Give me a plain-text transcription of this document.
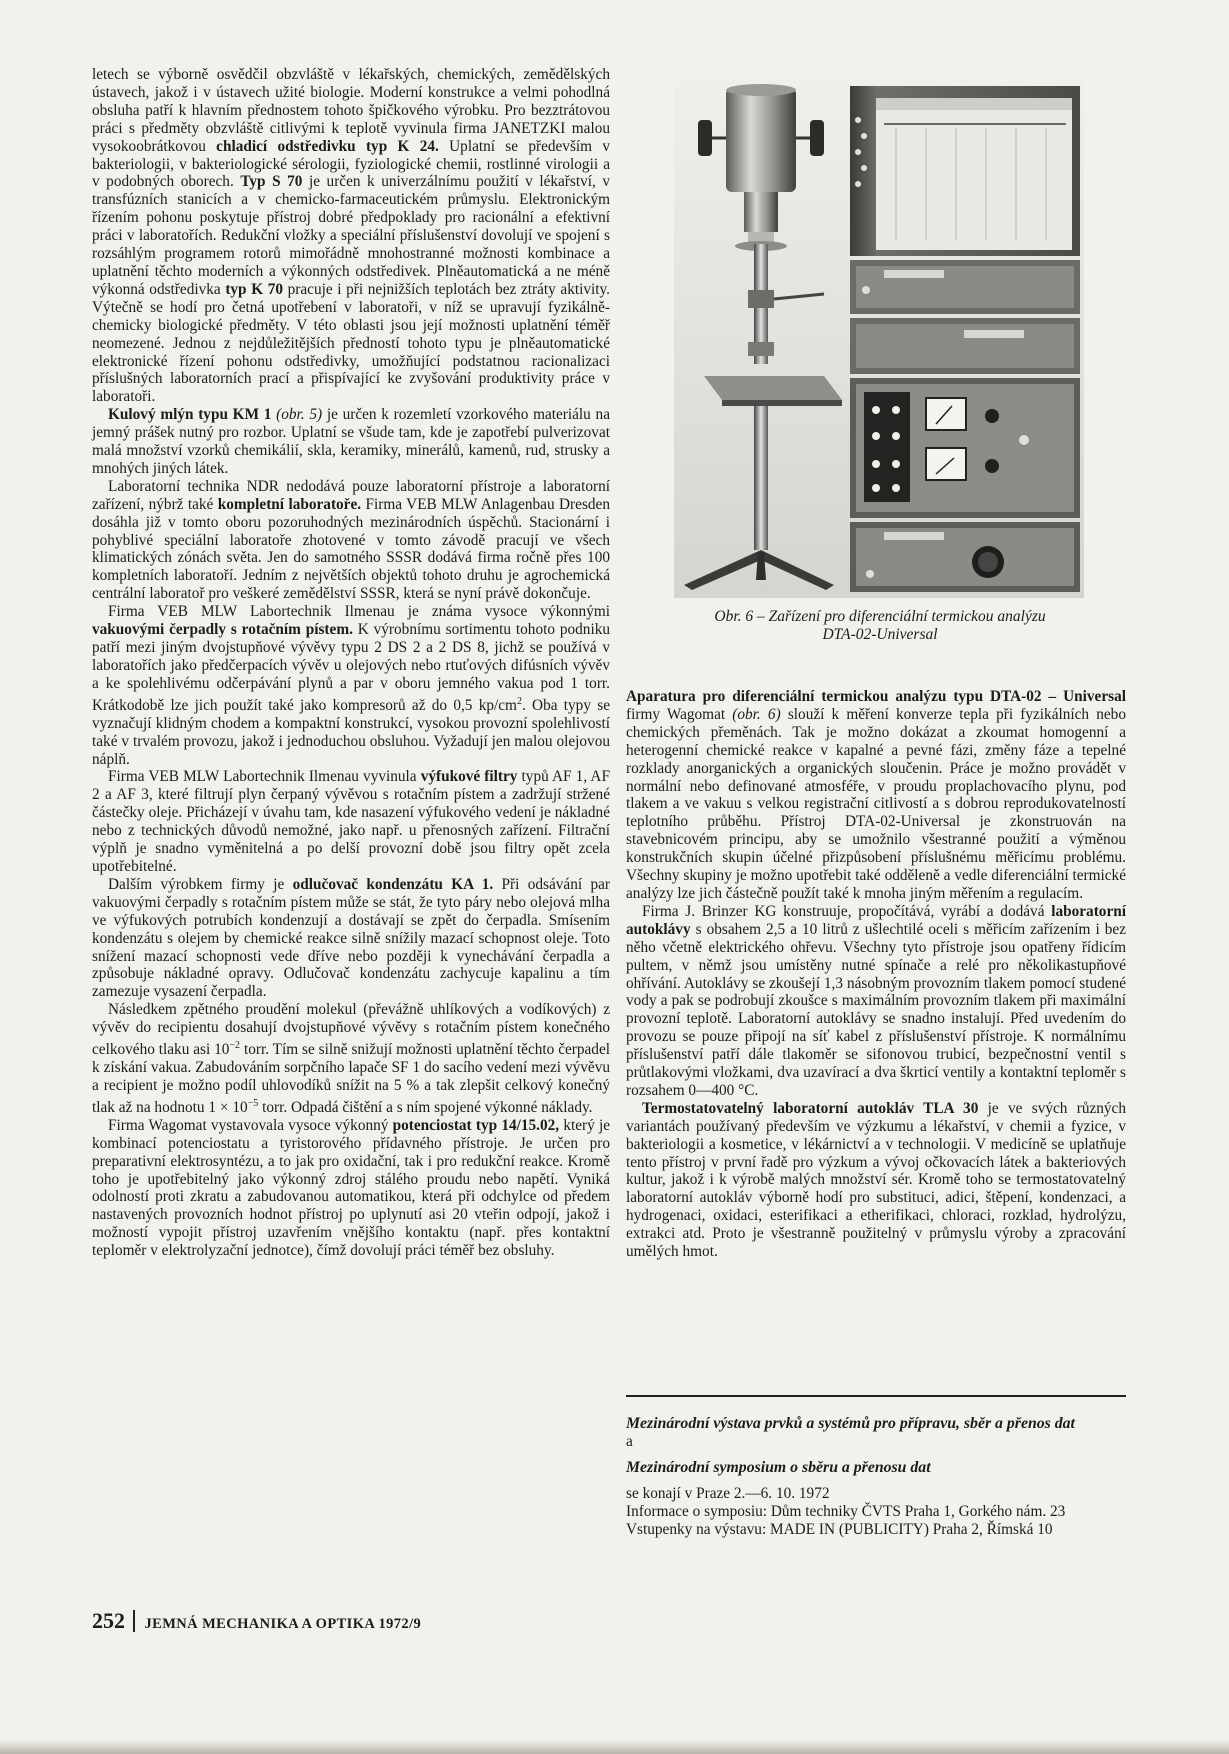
letech se výborně osvědčil obzvláště v lékařských, chemických, zemědělských ústavech, jakož i v ústavech užité biologie. Moderní konstrukce a velmi pohodlná obsluha patří k hlavním přednostem tohoto špičkového výrobku. Pro bezztrátovou práci s předměty obzvláště citlivými k teplotě vyvinula firma JANETZKI malou vysokoobrátkovou chladicí odstředivku typ K 24. Uplatní se především v bakteriologii, v bakteriologické sérologii, fyziologické chemii, rostlinné virologii a v podobných oborech. Typ S 70 je určen k univerzálnímu použití v lékařství, v transfúzních stanicích a v chemicko-farmaceutickém průmyslu. Elektronickým řízením pohonu poskytuje přístroj dobré předpoklady pro racionální a efektivní práci v laboratořích. Redukční vložky a speciální příslušenství dovolují ve spojení s rozsáhlým programem rotorů mimořádně mnohostranné možnosti kombinace a uplatnění těchto moderních a výkonných odstředivek. Plněautomatická a ne méně výkonná odstředivka typ K 70 pracuje i při nejnižších teplotách bez ztráty aktivity. Výtečně se hodí pro četná upotřebení v laboratoři, v níž se upravují fyzikálně-chemicky biologické předměty. V této oblasti jsou její možnosti uplatnění téměř neomezené. Jednou z nejdůležitějších předností tohoto typu je plněautomatické elektronické řízení pohonu odstředivky, umožňující podstatnou racionalizaci příslušných laboratorních prací a přispívající ke zvyšování produktivity práce v laboratoři.

Kulový mlýn typu KM 1 (obr. 5) je určen k rozemletí vzorkového materiálu na jemný prášek nutný pro rozbor. Uplatní se všude tam, kde je zapotřebí pulverizovat malá množství vzorků chemikálií, skla, keramiky, minerálů, kamenů, rud, strusky a mnohých jiných látek.

Laboratorní technika NDR nedodává pouze laboratorní přístroje a laboratorní zařízení, nýbrž také kompletní laboratoře. Firma VEB MLW Anlagenbau Dresden dosáhla již v tomto oboru pozoruhodných mezinárodních úspěchů. Stacionární i pohyblivé speciální laboratoře zhotovené v tomto závodě pracují ve všech klimatických zónách světa. Jen do samotného SSSR dodává firma ročně přes 100 kompletních laboratoří. Jedním z největších objektů tohoto druhu je agrochemická centrální laboratoř pro veškeré zemědělství SSSR, která se nyní právě dokončuje.

Firma VEB MLW Labortechnik Ilmenau je známa vysoce výkonnými vakuovými čerpadly s rotačním pístem. K výrobnímu sortimentu tohoto podniku patří mezi jiným dvojstupňové vývěvy typu 2 DS 2 a 2 DS 8, jichž se používá v laboratořích jako předčerpacích vývěv u olejových nebo rtuťových difúsních vývěv a ke spolehlivému odčerpávání plynů a par v oboru jemného vakua pod 1 torr. Krátkodobě lze jich použít také jako kompresorů až do 0,5 $kp/cm^2$. Oba typy se vyznačují klidným chodem a kompaktní konstrukcí, vysokou provozní spolehlivostí také v trvalém provozu, jakož i jednoduchou obsluhou. Vyžadují jen malou olejovou náplň.

Firma VEB MLW Labortechnik Ilmenau vyvinula výfukové filtry typů AF 1, AF 2 a AF 3, které filtrují plyn čerpaný vývěvou s rotačním pístem a zadržují stržené částečky oleje. Přicházejí v úvahu tam, kde nasazení výfukového vedení je nákladné nebo z technických důvodů nemožné, jako např. u přenosných zařízení. Filtrační výplň je snadno vyměnitelná a po delší provozní době jsou filtry opět zcela upotřebitelné.

Dalším výrobkem firmy je odlučovač kondenzátu KA 1. Při odsávání par vakuovými čerpadly s rotačním pístem může se stát, že tyto páry nebo olejová mlha ve výfukových potrubích kondenzují a dostávají se zpět do čerpadla. Smísením kondenzátu s olejem by chemické reakce silně snížily mazací schopnost oleje. Toto snížení mazací schopnosti vede dříve nebo později k vynechávání čerpadla a způsobuje nákladné opravy. Odlučovač kondenzátu zachycuje kapalinu a tím zamezuje vysazení čerpadla.

Následkem zpětného proudění molekul (převážně uhlíkových a vodíkových) z vývěv do recipientu dosahují dvojstupňové vývěvy s rotačním pístem konečného celkového tlaku asi $10^{-2}$ torr. Tím se silně snižují možnosti uplatnění těchto čerpadel k získání vakua. Zabudováním sorpčního lapače SF 1 do sacího vedení mezi vývěvu a recipient je možno podíl uhlovodíků snížit na 5 % a tak zlepšit celkový konečný tlak až na hodnotu $1 \times 10^{-5}$ torr. Odpadá čištění a s ním spojené výkonné náklady.

Firma Wagomat vystavovala vysoce výkonný potenciostat typ 14/15.02, který je kombinací potenciostatu a tyristorového přídavného přístroje. Je určen pro preparativní elektrosyntézu, a to jak pro oxidační, tak i pro redukční reakce. Kromě toho je upotřebitelný jako výkonný zdroj stálého proudu nebo napětí. Vyniká odolností proti zkratu a zabudovanou automatikou, která při odchylce od předem nastavených provozních hodnot přístroj po uplynutí asi 20 vteřin odpojí, jakož i možností vypojit přístroj uzavřením vnějšího kontaktu (např. přes kontaktní teploměr v elektrolyzační jednotce), čímž dovolují práci téměř bez obsluhy.

Obr. 6 – Zařízení pro diferenciální termickou analýzu
DTA-02-Universal

Aparatura pro diferenciální termickou analýzu typu DTA-02 – Universal firmy Wagomat (obr. 6) slouží k měření konverze tepla při fyzikálních nebo chemických přeměnách. Tak je možno dokázat a zkoumat homogenní a heterogenní chemické reakce v kapalné a pevné fázi, změny fáze a tepelné rozklady anorganických a organických sloučenin. Práce je možno provádět v normální nebo definované atmosféře, v proudu proplachovacího plynu, pod tlakem a ve vakuu s velkou registrační citlivostí a s dobrou reprodukovatelností teplotního průběhu. Přístroj DTA-02-Universal je zkonstruován na stavebnicovém principu, aby se umožnilo všestranné použití a výměnou konstrukčních skupin účelné přizpůsobení příslušnému měřicímu problému. Všechny skupiny je možno upotřebit také odděleně a vedle diferenciální termické analýzy lze jich částečně použít také k mnoha jiným měřením a regulacím.

Firma J. Brinzer KG konstruuje, propočítává, vyrábí a dodává laboratorní autoklávy s obsahem 2,5 a 10 litrů z ušlechtilé oceli s měřicím zařízením i bez něho včetně elektrického ohřevu. Všechny tyto přístroje jsou opatřeny řídicím pultem, v němž jsou umístěny nutné spínače a relé pro několikastupňové ohřívání. Autoklávy se zkoušejí 1,3 násobným provozním tlakem pomocí studené vody a pak se podrobují zkoušce s maximálním provozním tlakem při maximální provozní teplotě. Laboratorní autoklávy se snadno instalují. Před uvedením do provozu se pouze připojí na síť kabel z příslušenství přístroje. K normálnímu příslušenství patří dále tlakoměr se sifonovou trubicí, bezpečnostní ventil s průtlakovými vložkami, dva uzavírací a dva škrticí ventily a kontaktní teploměr s rozsahem 0—400 °C.

Termostatovatelný laboratorní autokláv TLA 30 je ve svých různých variantách používaný především ve výzkumu a lékařství, v chemii a fyzice, v bakteriologii a kosmetice, v lékárnictví a v technologii. V medicíně se uplatňuje tento přístroj v první řadě pro výzkum a vývoj očkovacích látek a bakteriových kultur, jakož i k výrobě malých množství sér. Kromě toho se termostatovatelný laboratorní autokláv výborně hodí pro substituci, adici, štěpení, kondenzaci, a hydrogenaci, oxidaci, esterifikaci a etherifikaci, chloraci, rozklad, hydrolýzu, extrakci atd. Proto je všestranně použitelný v průmyslu výroby a zpracování umělých hmot.

Mezinárodní výstava prvků a systémů pro přípravu, sběr a přenos dat

a

Mezinárodní symposium o sběru a přenosu dat

se konají v Praze 2.—6. 10. 1972

Informace o symposiu: Dům techniky ČVTS Praha 1, Gorkého nám. 23

Vstupenky na výstavu: MADE IN (PUBLICITY) Praha 2, Římská 10

252 JEMNÁ MECHANIKA A OPTIKA 1972/9
